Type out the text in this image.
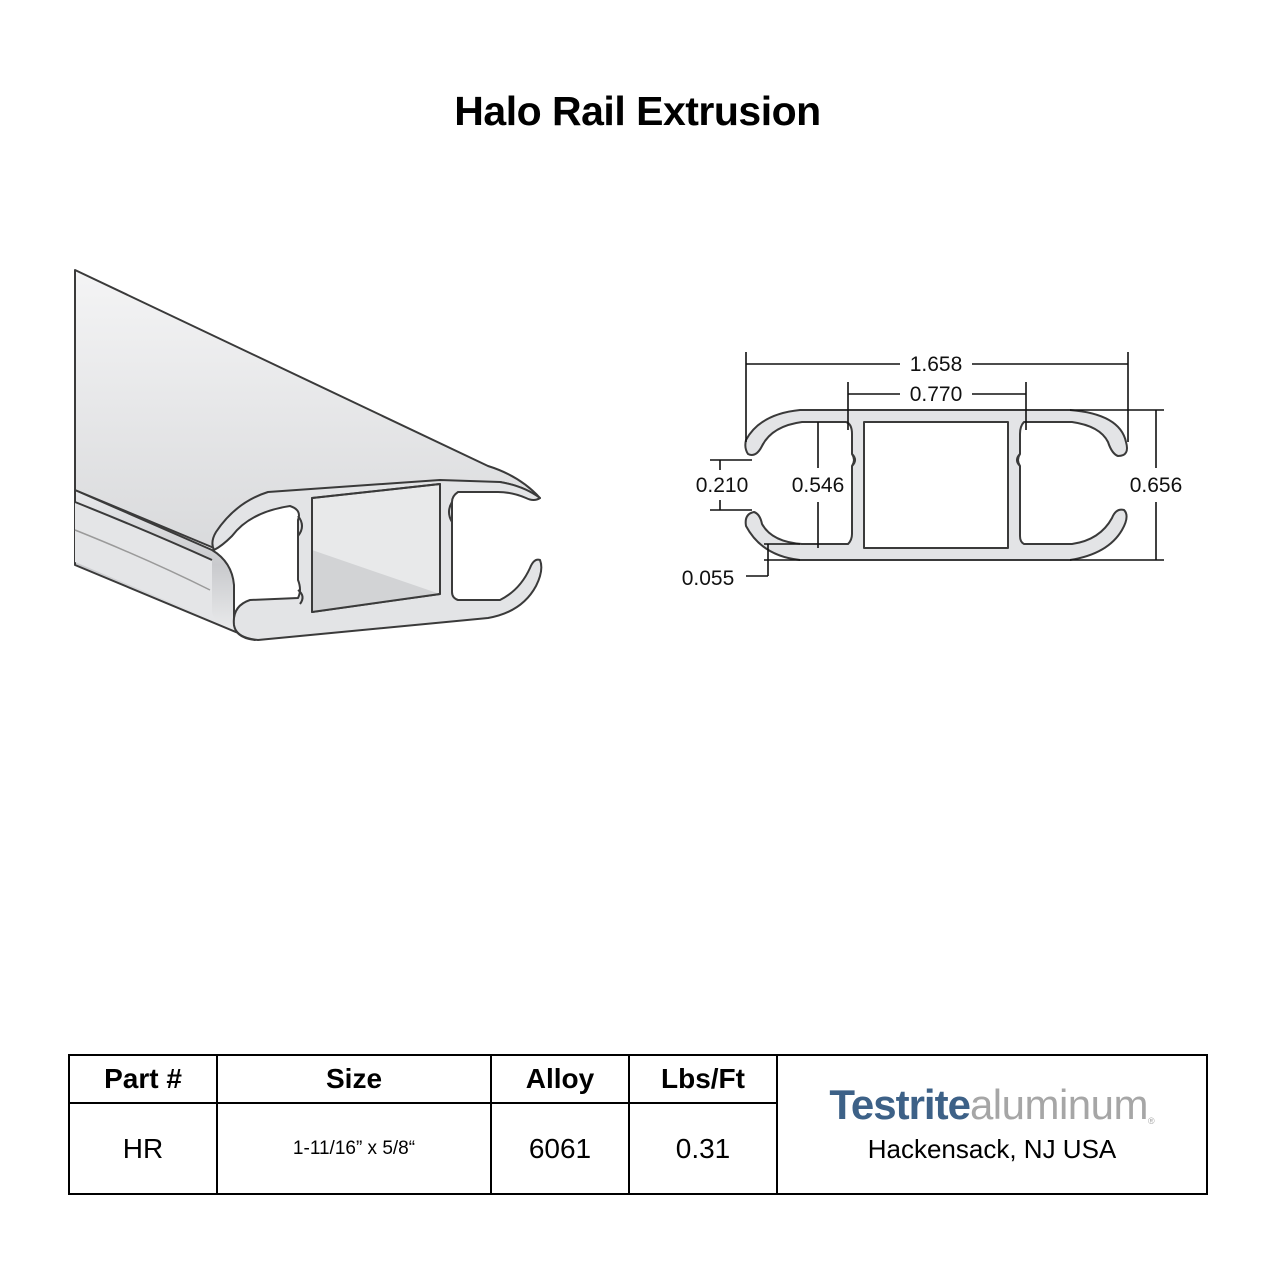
Halo Rail Extrusion
1.658
0.770
0.656
0.546
0.210
0.055
Part #	Size	Alloy	Lbs/Ft	Testritealuminum®
Hackensack, NJ USA

HR	1-11/16” x 5/8“	6061	0.31	
